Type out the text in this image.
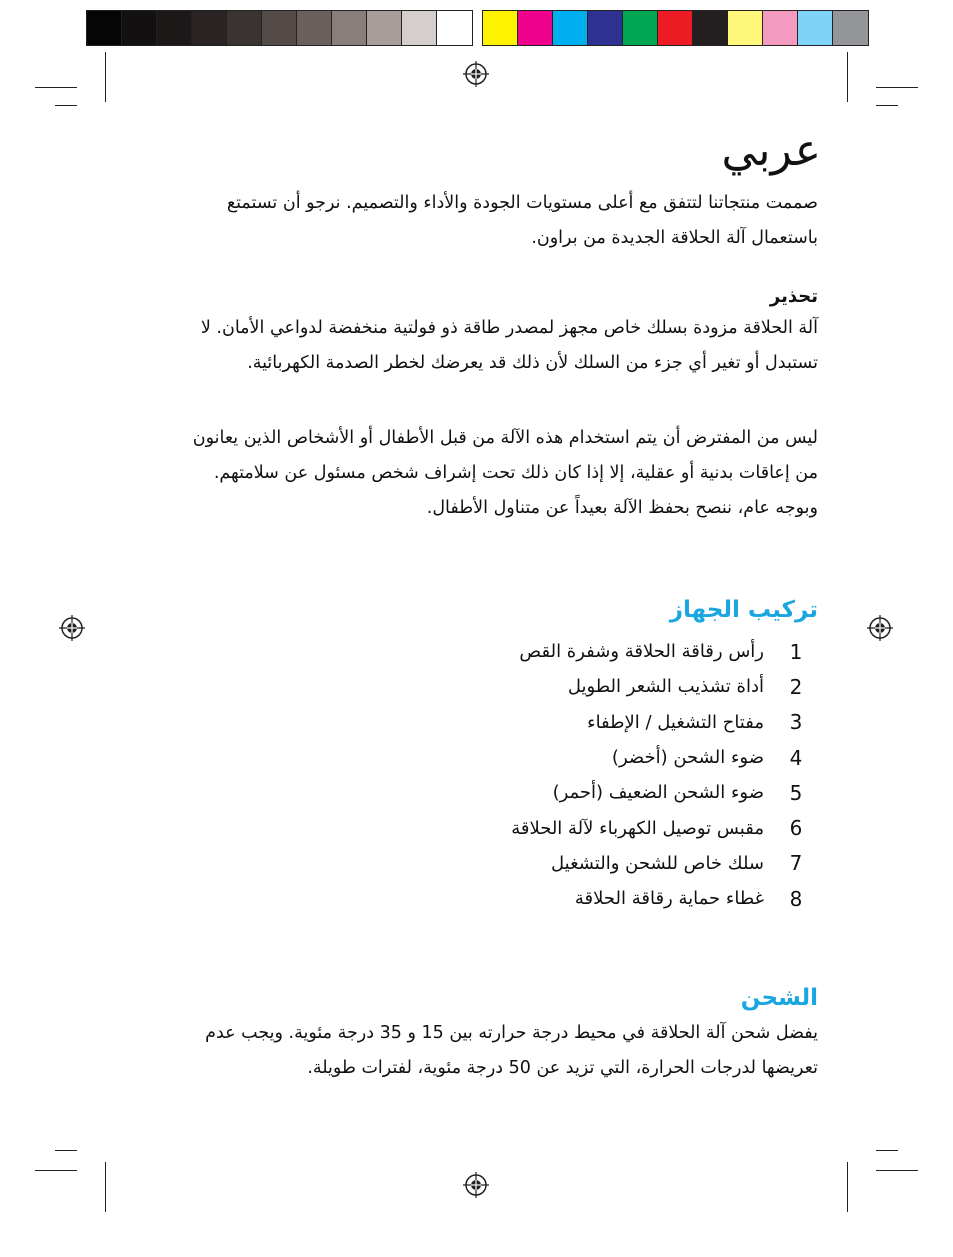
عربي

صممت منتجاتنا لتتفق مع أعلى مستويات الجودة والأداء والتصميم. نرجو أن تستمتع

باستعمال آلة الحلاقة الجديدة من براون.

تحذير

آلة الحلاقة مزودة بسلك خاص مجهز لمصدر طاقة ذو فولتية منخفضة لدواعي الأمان. لا

تستبدل أو تغير أي جزء من السلك لأن ذلك قد يعرضك لخطر الصدمة الكهربائية.

ليس من المفترض أن يتم استخدام هذه الآلة من قبل الأطفال أو الأشخاص الذين يعانون

من إعاقات بدنية أو عقلية، إلا إذا كان ذلك تحت إشراف شخص مسئول عن سلامتهم.

وبوجه عام، ننصح بحفظ الآلة بعيداً عن متناول الأطفال.

تركيب الجهاز

1
رأس رقاقة الحلاقة وشفرة القص
2
أداة تشذيب الشعر الطويل
3
مفتاح التشغيل / الإطفاء
4
ضوء الشحن (أخضر)
5
ضوء الشحن الضعيف (أحمر)
6
مقبس توصيل الكهرباء لآلة الحلاقة
7
سلك خاص للشحن والتشغيل
8
غطاء حماية رقاقة الحلاقة

الشحن

يفضل شحن آلة الحلاقة في محيط درجة حرارته بين 15 و 35 درجة مئوية. ويجب عدم

تعريضها لدرجات الحرارة، التي تزيد عن 50 درجة مئوية، لفترات طويلة.
